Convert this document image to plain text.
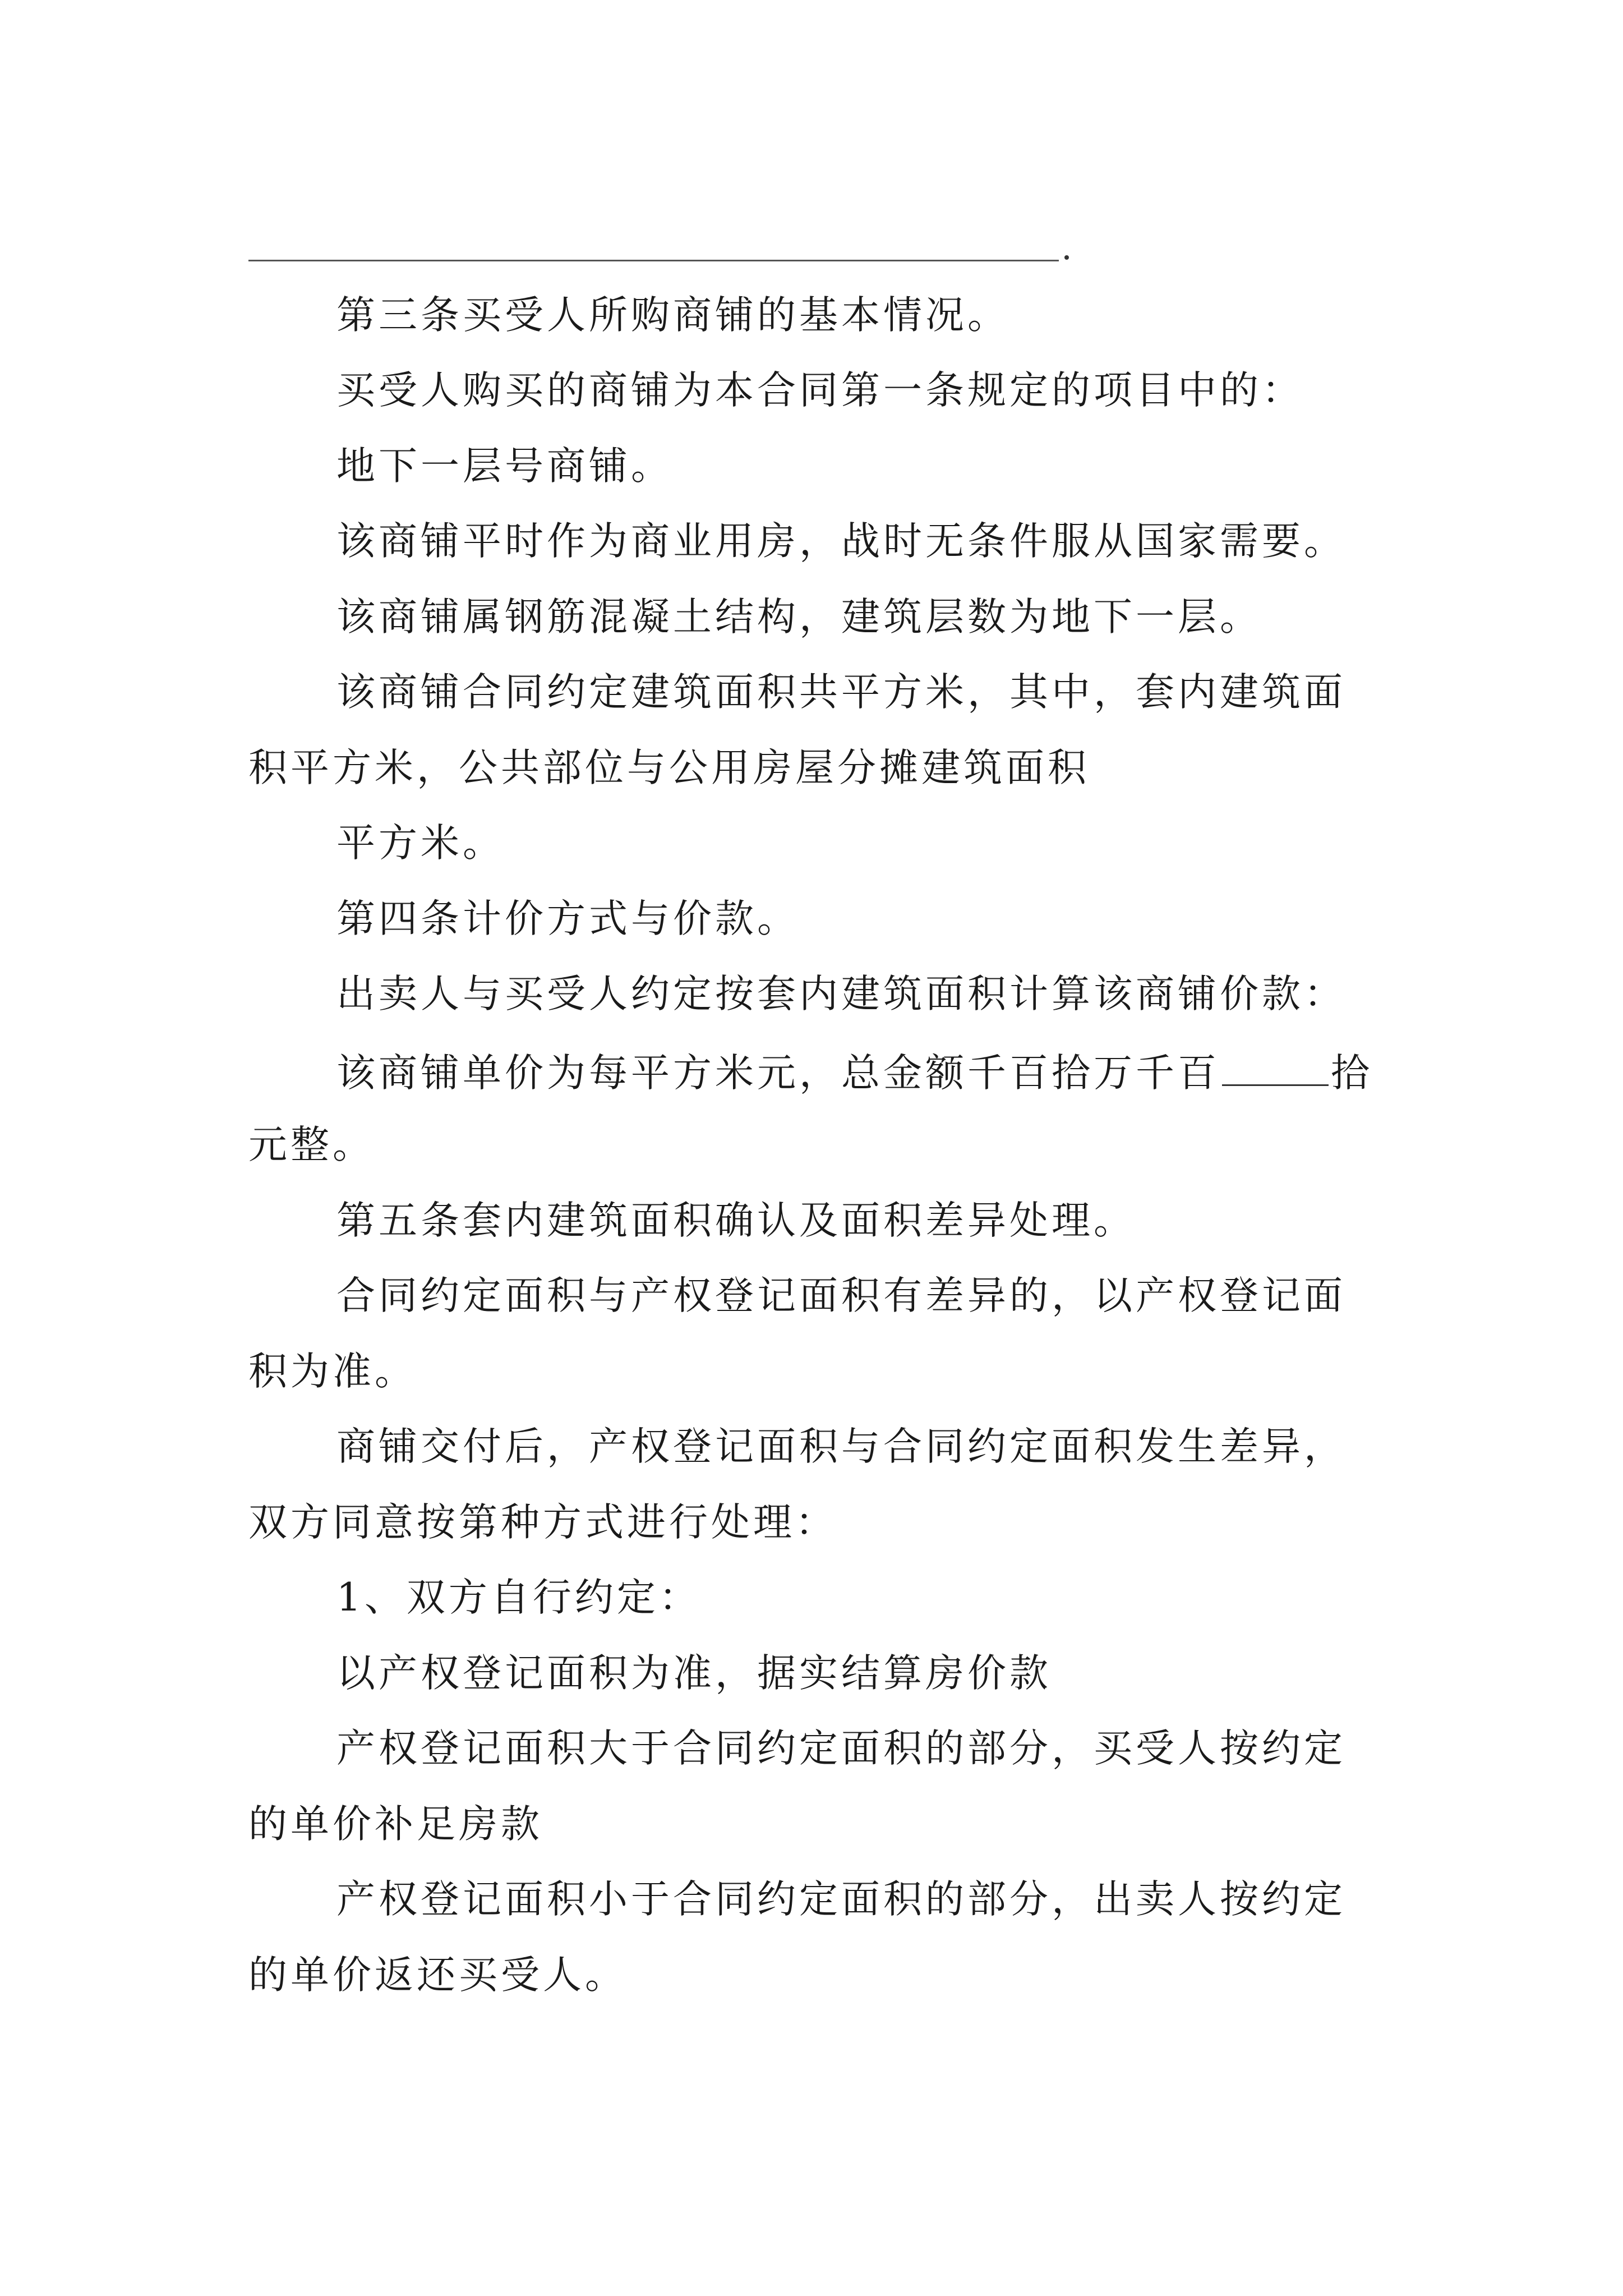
第三条买受人所购商铺的基本情况。
买受人购买的商铺为本合同第一条规定的项目中的：
地下一层号商铺。
该商铺平时作为商业用房，战时无条件服从国家需要。
该商铺属钢筋混凝土结构，建筑层数为地下一层。
该商铺合同约定建筑面积共平方米，其中，套内建筑面
积平方米，公共部位与公用房屋分摊建筑面积
平方米。
第四条计价方式与价款。
出卖人与买受人约定按套内建筑面积计算该商铺价款：
该商铺单价为每平方米元，总金额千百拾万千百	拾
元整。
第五条套内建筑面积确认及面积差异处理。
合同约定面积与产权登记面积有差异的，以产权登记面
积为准。
商铺交付后，产权登记面积与合同约定面积发生差异，
双方同意按第种方式进行处理：
1、双方自行约定：
以产权登记面积为准，据实结算房价款
产权登记面积大于合同约定面积的部分，买受人按约定
的单价补足房款
产权登记面积小于合同约定面积的部分，出卖人按约定
的单价返还买受人。
